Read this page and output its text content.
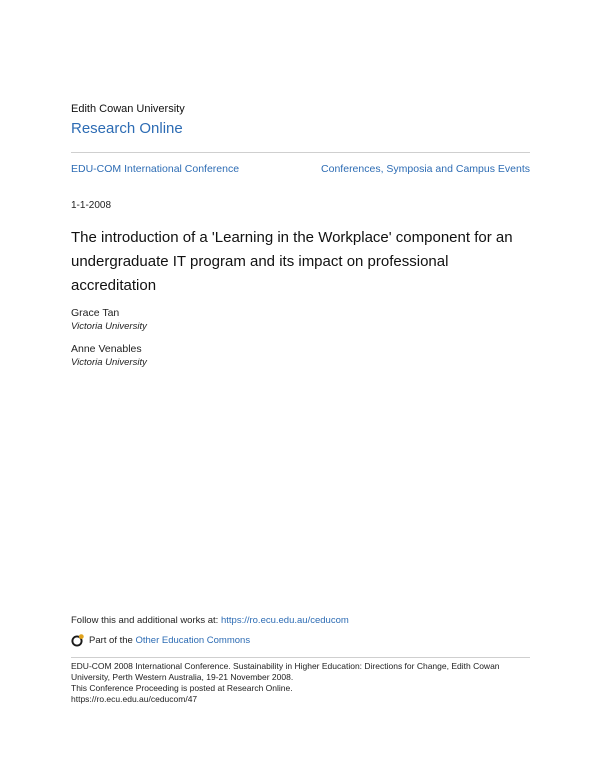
Edith Cowan University
Research Online
EDU-COM International Conference	Conferences, Symposia and Campus Events
1-1-2008
The introduction of a 'Learning in the Workplace' component for an undergraduate IT program and its impact on professional accreditation
Grace Tan
Victoria University
Anne Venables
Victoria University
Follow this and additional works at: https://ro.ecu.edu.au/ceducom
Part of the Other Education Commons
EDU-COM 2008 International Conference. Sustainability in Higher Education: Directions for Change, Edith Cowan University, Perth Western Australia, 19-21 November 2008.
This Conference Proceeding is posted at Research Online.
https://ro.ecu.edu.au/ceducom/47
